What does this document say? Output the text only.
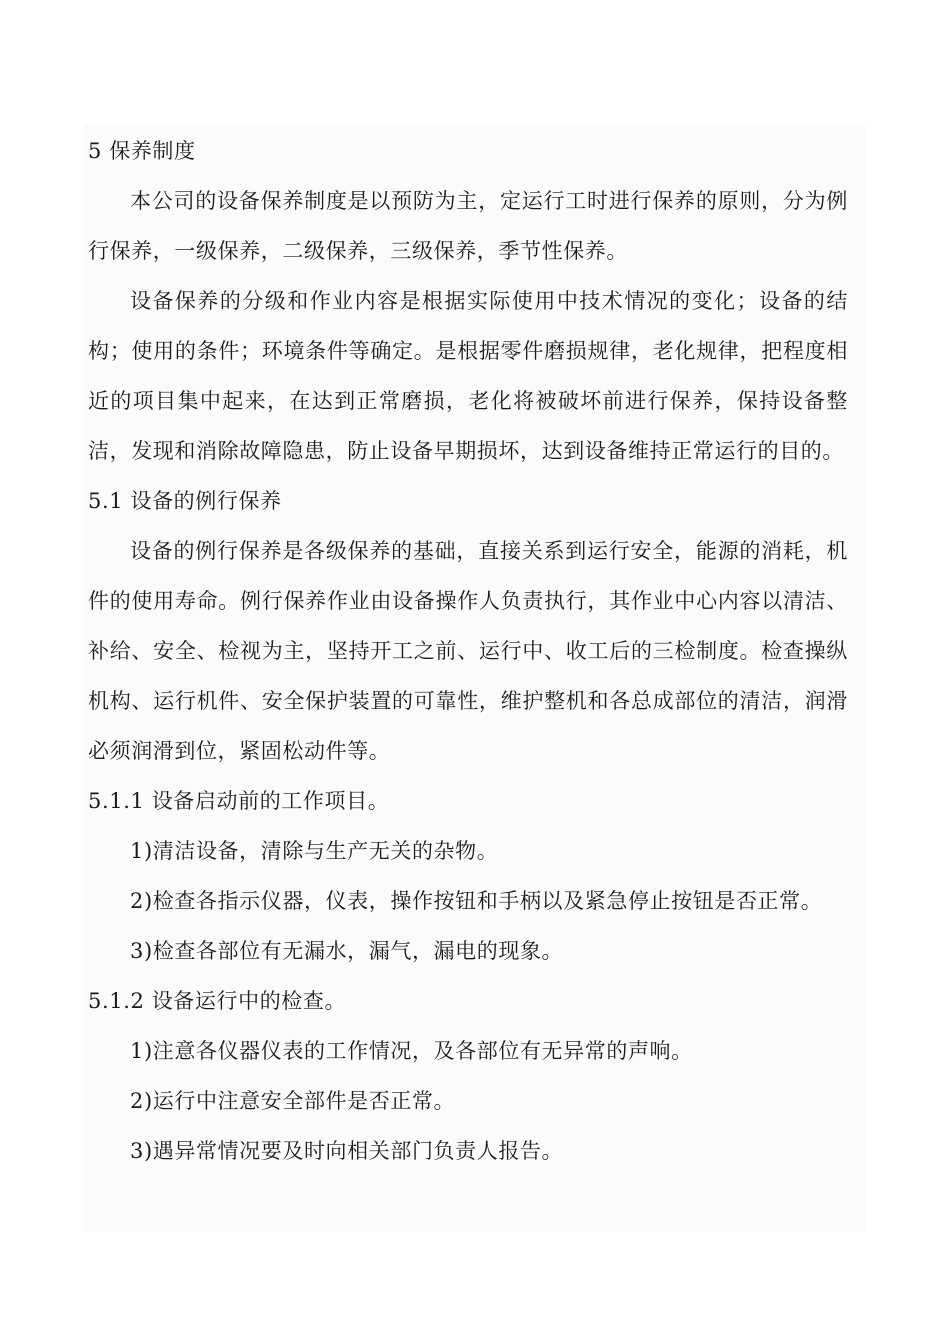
5 保养制度

本公司的设备保养制度是以预防为主，定运行工时进行保养的原则，分为例行保养，一级保养，二级保养，三级保养，季节性保养。

设备保养的分级和作业内容是根据实际使用中技术情况的变化；设备的结构；使用的条件；环境条件等确定。是根据零件磨损规律，老化规律，把程度相近的项目集中起来，在达到正常磨损，老化将被破坏前进行保养，保持设备整洁，发现和消除故障隐患，防止设备早期损坏，达到设备维持正常运行的目的。

5.1 设备的例行保养

设备的例行保养是各级保养的基础，直接关系到运行安全，能源的消耗，机件的使用寿命。例行保养作业由设备操作人负责执行，其作业中心内容以清洁、补给、安全、检视为主，坚持开工之前、运行中、收工后的三检制度。检查操纵机构、运行机件、安全保护装置的可靠性，维护整机和各总成部位的清洁，润滑必须润滑到位，紧固松动件等。

5.1.1 设备启动前的工作项目。

1)清洁设备，清除与生产无关的杂物。

2)检查各指示仪器，仪表，操作按钮和手柄以及紧急停止按钮是否正常。

3)检查各部位有无漏水，漏气，漏电的现象。

5.1.2 设备运行中的检查。

1)注意各仪器仪表的工作情况，及各部位有无异常的声响。

2)运行中注意安全部件是否正常。

3)遇异常情况要及时向相关部门负责人报告。
